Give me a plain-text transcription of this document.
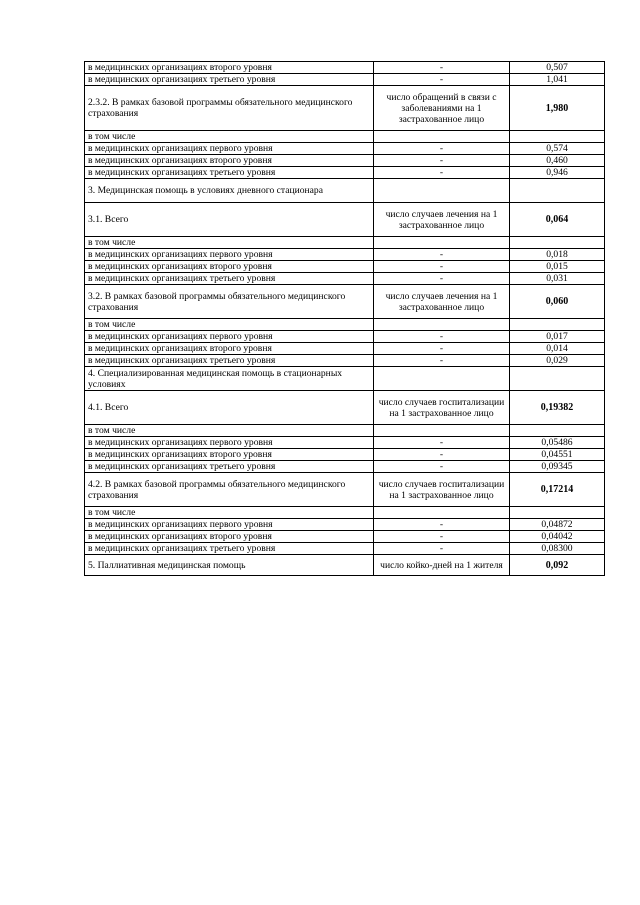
в медицинских организациях второго уровня	-	0,507
в медицинских организациях третьего уровня	-	1,041
2.3.2. В рамках базовой программы обязательного медицинского страхования	число обращений в связи с заболеваниями на 1 застрахованное лицо	1,980
в том числе		
в медицинских организациях первого уровня	-	0,574
в медицинских организациях второго уровня	-	0,460
в медицинских организациях третьего уровня	-	0,946
3. Медицинская помощь в условиях дневного стационара		
3.1. Всего	число случаев лечения на 1 застрахованное лицо	0,064
в том числе		
в медицинских организациях первого уровня	-	0,018
в медицинских организациях второго уровня	-	0,015
в медицинских организациях третьего уровня	-	0,031
3.2. В рамках базовой программы обязательного медицинского страхования	число случаев лечения на 1 застрахованное лицо	0,060
в том числе		
в медицинских организациях первого уровня	-	0,017
в медицинских организациях второго уровня	-	0,014
в медицинских организациях третьего уровня	-	0,029
4. Специализированная медицинская помощь в стационарных условиях		
4.1. Всего	число случаев госпитализации на 1 застрахованное лицо	0,19382
в том числе		
в медицинских организациях первого уровня	-	0,05486
в медицинских организациях второго уровня	-	0,04551
в медицинских организациях третьего уровня	-	0,09345
4.2. В рамках базовой программы обязательного медицинского страхования	число случаев госпитализации на 1 застрахованное лицо	0,17214
в том числе		
в медицинских организациях первого уровня	-	0,04872
в медицинских организациях второго уровня	-	0,04042
в медицинских организациях третьего уровня	-	0,08300
5. Паллиативная медицинская помощь	число койко-дней на 1 жителя	0,092
